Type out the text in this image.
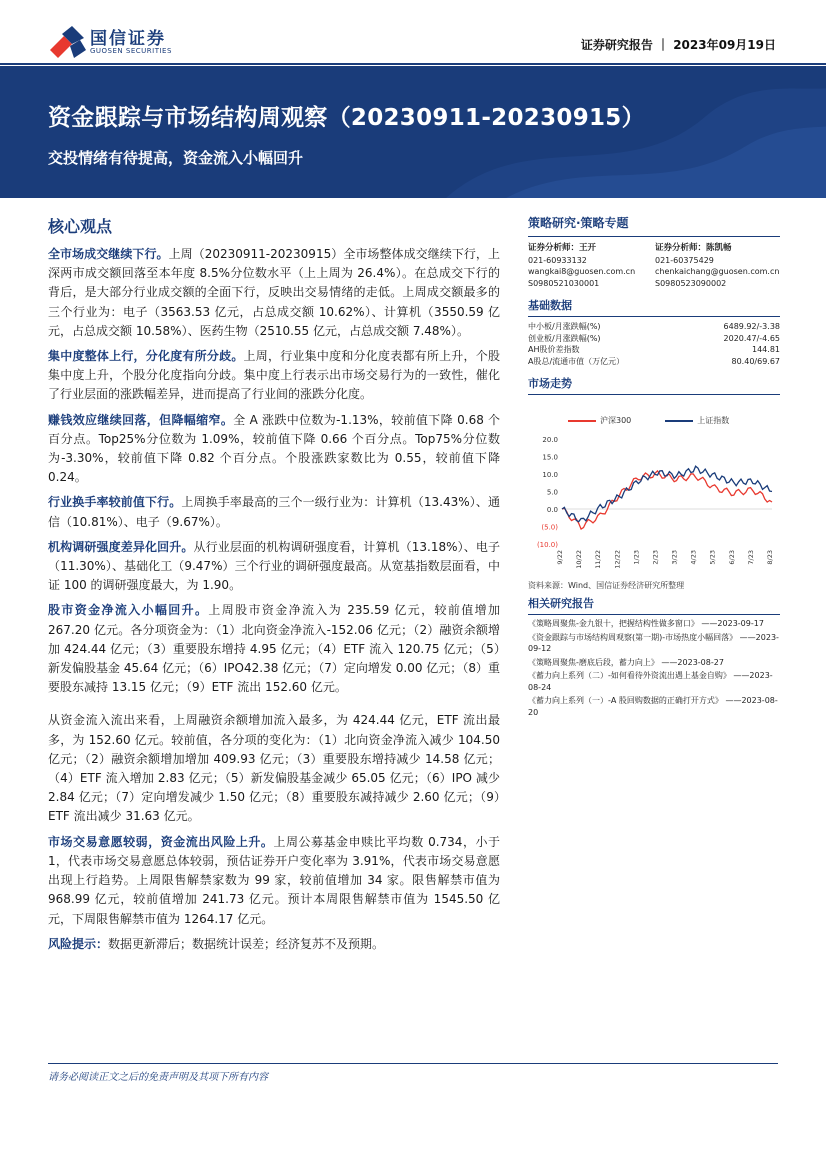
国信证券
GUOSEN SECURITIES	证券研究报告 ｜ 2023年09月19日
资金跟踪与市场结构周观察（20230911-20230915）
交投情绪有待提高，资金流入小幅回升
核心观点

全市场成交继续下行。上周（20230911-20230915）全市场整体成交继续下行，上深两市成交额回落至本年度 8.5%分位数水平（上上周为 26.4%）。在总成交下行的背后，是大部分行业成交额的全面下行，反映出交易情绪的走低。上周成交额最多的三个行业为：电子（3563.53 亿元，占总成交额 10.62%）、计算机（3550.59 亿元，占总成交额 10.58%）、医药生物（2510.55 亿元，占总成交额 7.48%）。

集中度整体上行，分化度有所分歧。上周，行业集中度和分化度表都有所上升，个股集中度上升，个股分化度指向分歧。集中度上行表示出市场交易行为的一致性，催化了行业层面的涨跌幅差异，进而提高了行业间的涨跌分化度。

赚钱效应继续回落，但降幅缩窄。全 A 涨跌中位数为-1.13%，较前值下降 0.68 个百分点。Top25%分位数为 1.09%，较前值下降 0.66 个百分点。Top75%分位数为-3.30%，较前值下降 0.82 个百分点。个股涨跌家数比为 0.55，较前值下降 0.24。

行业换手率较前值下行。上周换手率最高的三个一级行业为：计算机（13.43%）、通信（10.81%）、电子（9.67%）。

机构调研强度差异化回升。从行业层面的机构调研强度看，计算机（13.18%）、电子（11.30%）、基础化工（9.47%）三个行业的调研强度最高。从宽基指数层面看，中证 100 的调研强度最大，为 1.90。

股市资金净流入小幅回升。上周股市资金净流入为 235.59 亿元，较前值增加 267.20 亿元。各分项资金为：（1）北向资金净流入-152.06 亿元；（2）融资余额增加 424.44 亿元；（3）重要股东增持 4.95 亿元；（4）ETF 流入 120.75 亿元；（5）新发偏股基金 45.64 亿元；（6）IPO42.38 亿元；（7）定向增发 0.00 亿元；（8）重要股东减持 13.15 亿元；（9）ETF 流出 152.60 亿元。

从资金流入流出来看，上周融资余额增加流入最多，为 424.44 亿元，ETF 流出最多，为 152.60 亿元。较前值，各分项的变化为：（1）北向资金净流入减少 104.50 亿元；（2）融资余额增加增加 409.93 亿元；（3）重要股东增持减少 14.58 亿元；（4）ETF 流入增加 2.83 亿元；（5）新发偏股基金减少 65.05 亿元；（6）IPO 减少 2.84 亿元；（7）定向增发减少 1.50 亿元；（8）重要股东减持减少 2.60 亿元；（9）ETF 流出减少 31.63 亿元。

市场交易意愿较弱，资金流出风险上升。上周公募基金申赎比平均数 0.734，小于 1，代表市场交易意愿总体较弱，预估证券开户变化率为 3.91%，代表市场交易意愿出现上行趋势。上周限售解禁家数为 99 家，较前值增加 34 家。限售解禁市值为 968.99 亿元，较前值增加 241.73 亿元。预计本周限售解禁市值为 1545.50 亿元，下周限售解禁市值为 1264.17 亿元。

风险提示：数据更新滞后；数据统计误差；经济复苏不及预期。

策略研究·策略专题
证券分析师：王开
021-60933132
wangkai8@guosen.com.cn
S0980521030001
证券分析师：陈凯畅
021-60375429
chenkaichang@guosen.com.cn
S0980523090002
基础数据
中小板/月涨跌幅(%)	6489.92/-3.38
创业板/月涨跌幅(%)	2020.47/-4.65
AH股价差指数	144.81
A股总/流通市值（万亿元）	80.40/69.67
市场走势
沪深300	上证指数
20.0
15.0
10.0
5.0
0.0
(5.0)
(10.0)
9/22 10/22 11/22 12/22 1/23 2/23 3/23 4/23 5/23 6/23 7/23 8/23
资料来源：Wind、国信证券经济研究所整理
相关研究报告
《策略周聚焦-金九银十，把握结构性做多窗口》 ——2023-09-17
《资金跟踪与市场结构周观察(第一期)-市场热度小幅回落》 ——2023-09-12
《策略周聚焦-磨底后段，蓄力向上》 ——2023-08-27
《蓄力向上系列（二）-如何看待外资流出遇上基金自购》 ——2023-08-24
《蓄力向上系列（一）-A 股回购数据的正确打开方式》 ——2023-08-20
请务必阅读正文之后的免责声明及其项下所有内容
